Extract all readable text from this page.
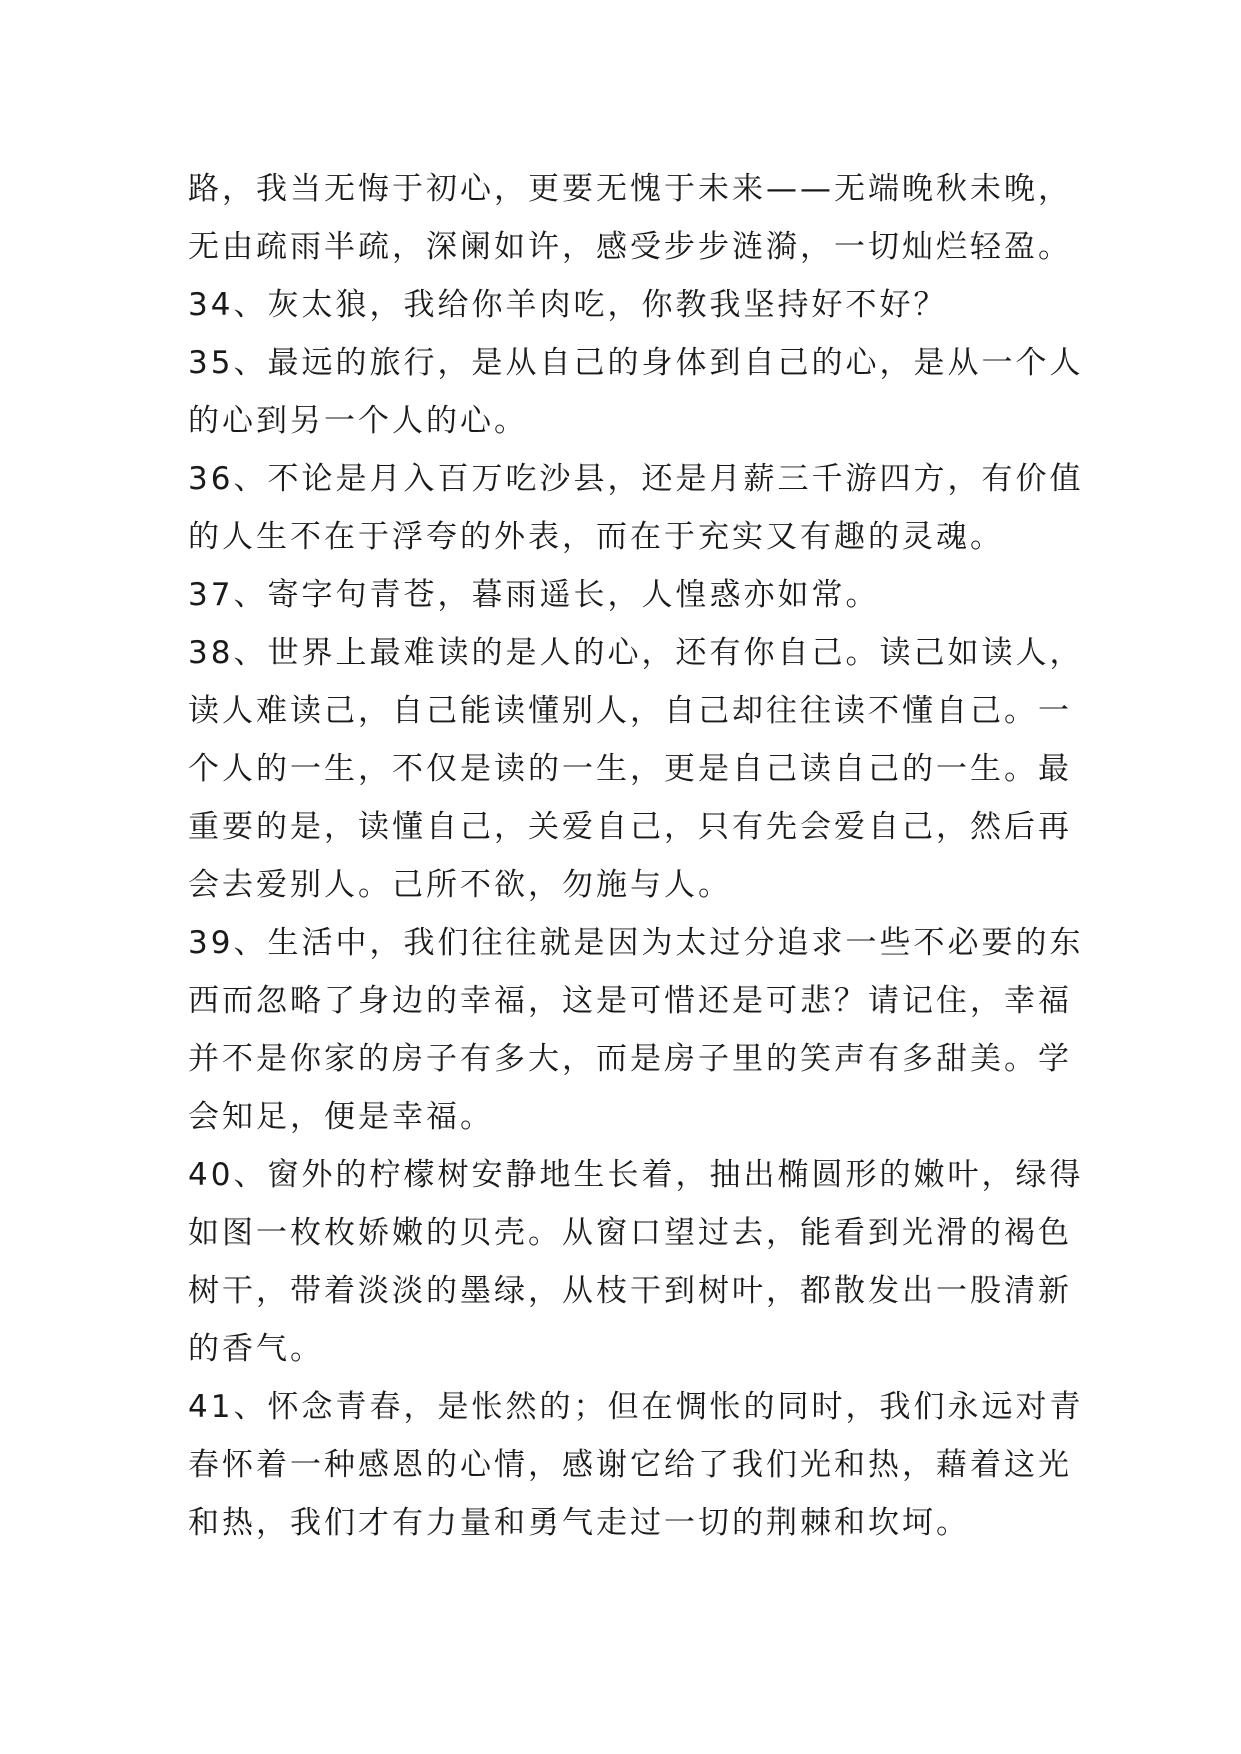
路，我当无悔于初心，更要无愧于未来——无端晚秋未晚，
无由疏雨半疏，深阑如许，感受步步涟漪，一切灿烂轻盈。
34、灰太狼，我给你羊肉吃，你教我坚持好不好？
35、最远的旅行，是从自己的身体到自己的心，是从一个人
的心到另一个人的心。
36、不论是月入百万吃沙县，还是月薪三千游四方，有价值
的人生不在于浮夸的外表，而在于充实又有趣的灵魂。
37、寄字句青苍，暮雨遥长，人惶惑亦如常。
38、世界上最难读的是人的心，还有你自己。读己如读人，
读人难读己，自己能读懂别人，自己却往往读不懂自己。一
个人的一生，不仅是读的一生，更是自己读自己的一生。最
重要的是，读懂自己，关爱自己，只有先会爱自己，然后再
会去爱别人。己所不欲，勿施与人。
39、生活中，我们往往就是因为太过分追求一些不必要的东
西而忽略了身边的幸福，这是可惜还是可悲？请记住，幸福
并不是你家的房子有多大，而是房子里的笑声有多甜美。学
会知足，便是幸福。
40、窗外的柠檬树安静地生长着，抽出椭圆形的嫩叶，绿得
如图一枚枚娇嫩的贝壳。从窗口望过去，能看到光滑的褐色
树干，带着淡淡的墨绿，从枝干到树叶，都散发出一股清新
的香气。
41、怀念青春，是怅然的；但在惆怅的同时，我们永远对青
春怀着一种感恩的心情，感谢它给了我们光和热，藉着这光
和热，我们才有力量和勇气走过一切的荆棘和坎坷。
